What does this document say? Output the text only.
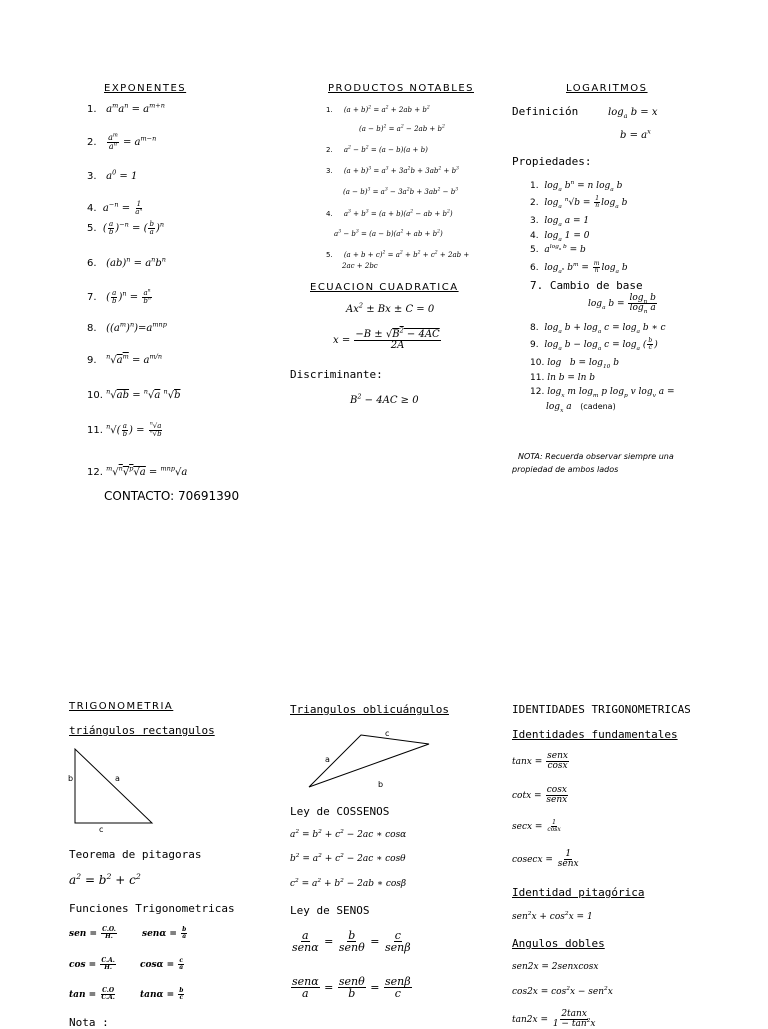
EXPONENTES
1. $a^ma^n = a^{m+n}$
2. $\frac{a^m}{a^n} = a^{m-n}$
3. $a^0 = 1$
4. $a^{-n} = \frac{1}{a^n}$
5. ( $\frac{a}{b} )^{-n}$ = ( $\frac{b}{a} )^n$
6. $(ab)^n = a^nb^n$
7. ( $\frac{a}{b} )^n = \frac{a^n}{b^n}$
8. $((a^m)^n)=a^{mnp}$
9. $^n√a^m = a^{m/n}$
10. $^n$√ab = $^n$√a $^n$√b
11. $^n√( \frac{a}{b}$ ) = $\frac{^n√a}{^n√b}$
12. $^m$√$^n$√$^p$√a = $^{mnp}$√a
CONTACTO: 70691390
PRODUCTOS NOTABLES
1. $(a + b)^2 = a^2 + 2ab + b^2$
$(a - b)^2 = a^2 - 2ab + b^2$
2. $a^2 - b^2 = (a - b)(a + b)$
3. $(a + b)^3 = a^3 + 3a^2b + 3ab^2 + b^3$
$(a - b)^3 = a^3 - 3a^2b + 3ab^2 - b^3$
4. $a^3 + b^3 = (a + b)(a^2$ − ab + $b^2$)
$a^3 - b^3 = (a - b)(a^2$ + ab + $b^2$)
5. $(a + b + c)^2 = a^2 + b^2 + c^2 + 2ab$ +
2ac + 2bc
ECUACION CUADRATICA
$Ax^2 \pm Bx \pm C = 0$
$x = \frac{-B \pm √B^2 - 4AC}{2A}$
Discriminante:
$B^2 - 4AC \ge 0$
LOGARITMOS
Definición	$\log_a b = x$
$b = a^x$
Propiedades:
1. $\log_a b^n = n$ $\log_a b$
2. $\log_a ^n√b = \frac{1}{n} \log_a b$
3. $\log_a a = 1$
4. $\log_a 1 = 0$
5. $a^{log_a b} = b$
6. $\log_{a^n} b^m = \frac{m}{n} \log_a b$
7. Cambio de base
$\log_a b = \frac{\log_n b}{\log_n a}$
8. $\log_a b + \log_a c = \log_a b$ ∗ c
9. $\log_a b - \log_a c = \log_a$ ( $\frac{b}{c}$ )
10. $\log b = \log_{10} b$
11. ln b = ln b
12. $\log_x m$ $\log_m p$ $\log_p v$ $\log_v a$ =
$\log_x a$ (cadena)
NOTA: Recuerda observar siempre una propiedad de ambos lados
TRIGONOMETRIA
triángulos rectangulos
b	a
c
Teorema de pitagoras
$a^2 = b^2 + c^2$
Funciones Trigonometricas
sen = $\frac{C.O.}{H.}$	$sen\alpha = \frac{b}{a}$
$\cos = \frac{C.A.}{H.}$	$\cos\alpha = \frac{c}{a}$
$\tan = \frac{C.O}{C.A.}$	$\tan\alpha = \frac{b}{c}$
Nota :
Triangulos oblicuángulos
c
a
b
Ley de COSSENOS
$a^2 = b^2 + c^2 - 2ac$ ∗ cosα
$b^2 = a^2 + c^2 - 2ac$ ∗ cosθ
$c^2 = a^2 + b^2 - 2ab$ ∗ cosβ
Ley de SENOS
$\frac{a}{\text{senα}} = \frac{b}{\text{senθ}} = \frac{c}{\text{senβ}}$
$\frac{\text{senα}}{a} = \frac{\text{senθ}}{b} = \frac{\text{senβ}}{c}$
IDENTIDADES TRIGONOMETRICAS
Identidades fundamentales
$\tan x = \frac{\text{senx}}{\cos x}$
$\cot x = \frac{\cos x}{\text{senx}}$
$\sec x = \frac{1}{\cos x}$
$cosecx = \frac{1}{\text{senx}}$
Identidad pitagórica
$sen^2x + \cos^2x = 1$
Angulos dobles
sen2x = 2senxcosx
$\cos 2x = \cos^2x - sen^2x$
$\tan 2x = \frac{2\tan x}{1 - \tan^2x}$
